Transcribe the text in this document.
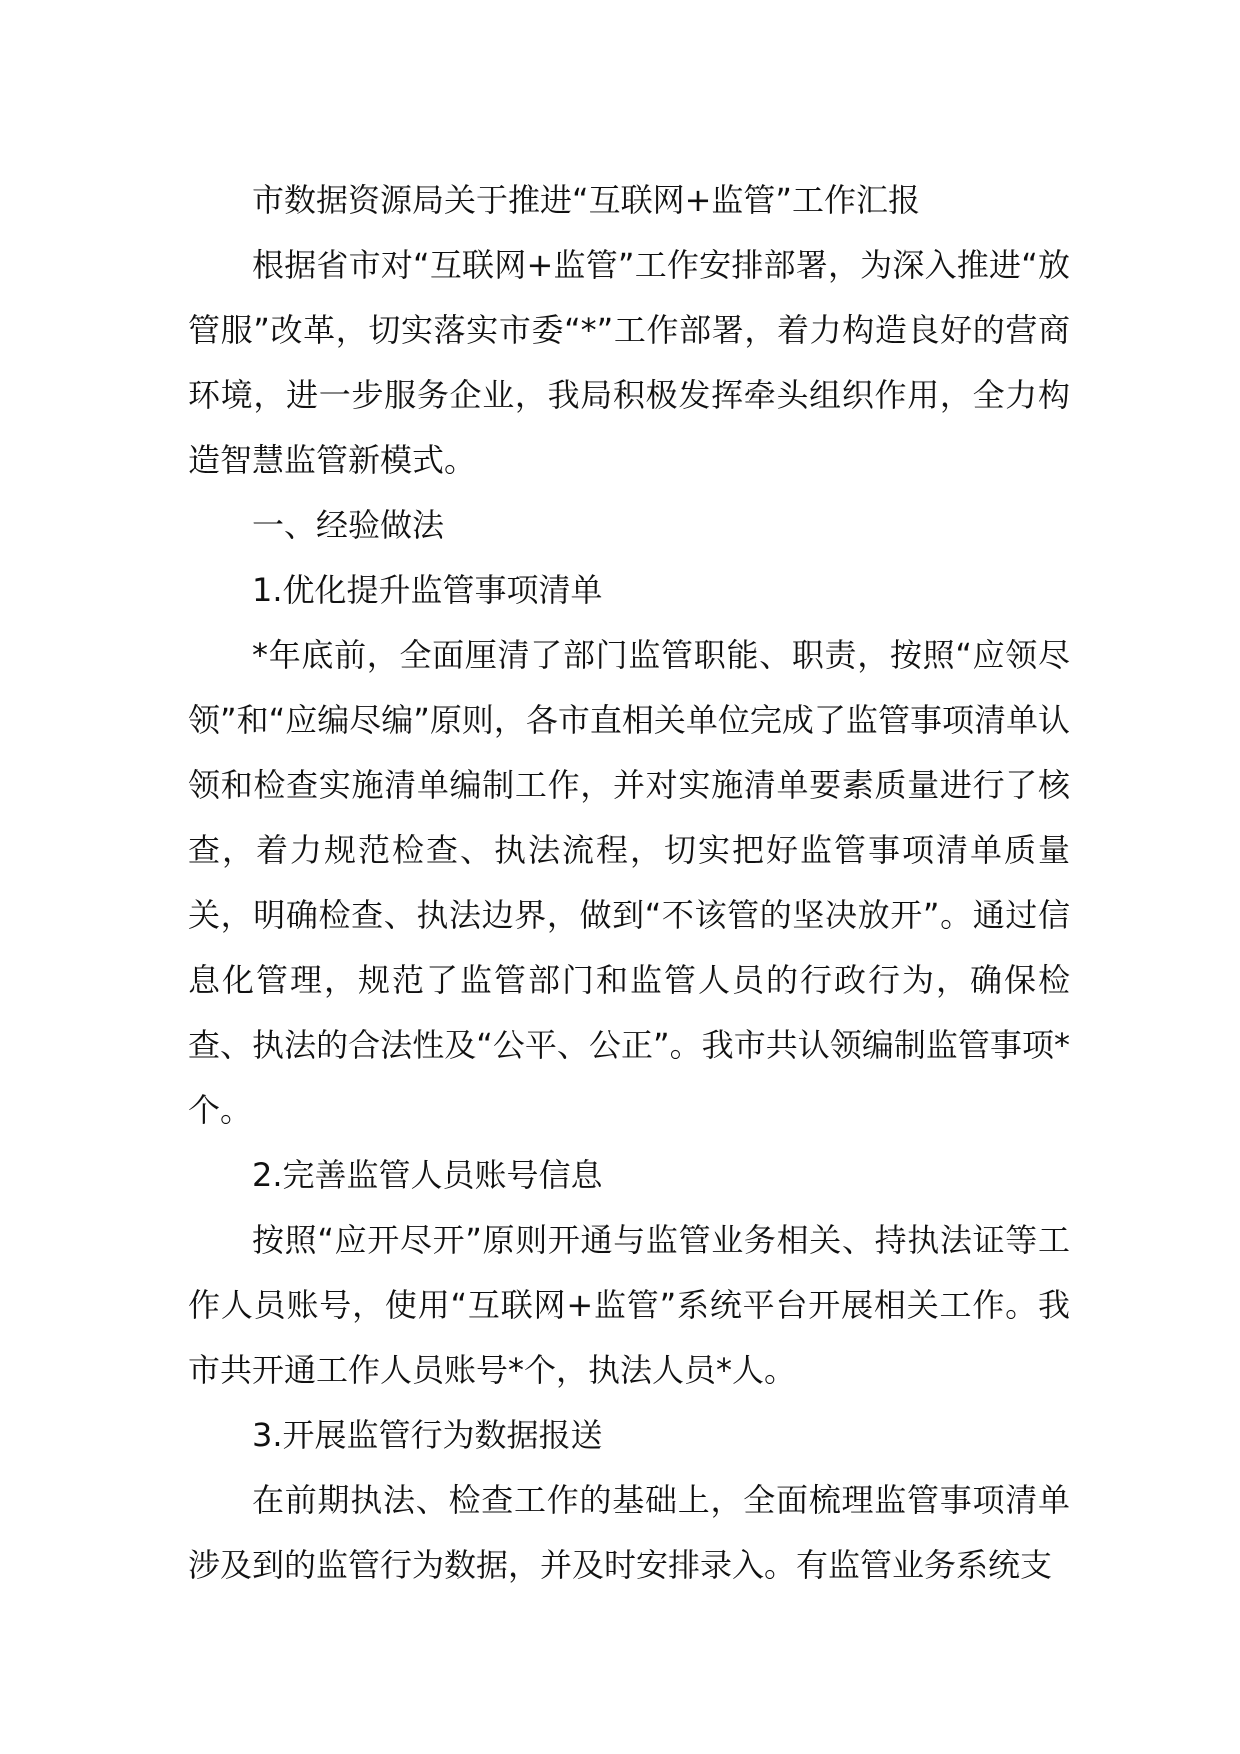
市数据资源局关于推进“互联网+监管”工作汇报

根据省市对“互联网+监管”工作安排部署，为深入推进“放管服”改革，切实落实市委“*”工作部署，着力构造良好的营商环境，进一步服务企业，我局积极发挥牵头组织作用，全力构造智慧监管新模式。

一、经验做法

1.优化提升监管事项清单

*年底前，全面厘清了部门监管职能、职责，按照“应领尽领”和“应编尽编”原则，各市直相关单位完成了监管事项清单认领和检查实施清单编制工作，并对实施清单要素质量进行了核查，着力规范检查、执法流程，切实把好监管事项清单质量关，明确检查、执法边界，做到“不该管的坚决放开”。通过信息化管理，规范了监管部门和监管人员的行政行为，确保检查、执法的合法性及“公平、公正”。我市共认领编制监管事项*个。

2.完善监管人员账号信息

按照“应开尽开”原则开通与监管业务相关、持执法证等工作人员账号，使用“互联网+监管”系统平台开展相关工作。我市共开通工作人员账号*个，执法人员*人。

3.开展监管行为数据报送

在前期执法、检查工作的基础上，全面梳理监管事项清单涉及到的监管行为数据，并及时安排录入。有监管业务系统支
